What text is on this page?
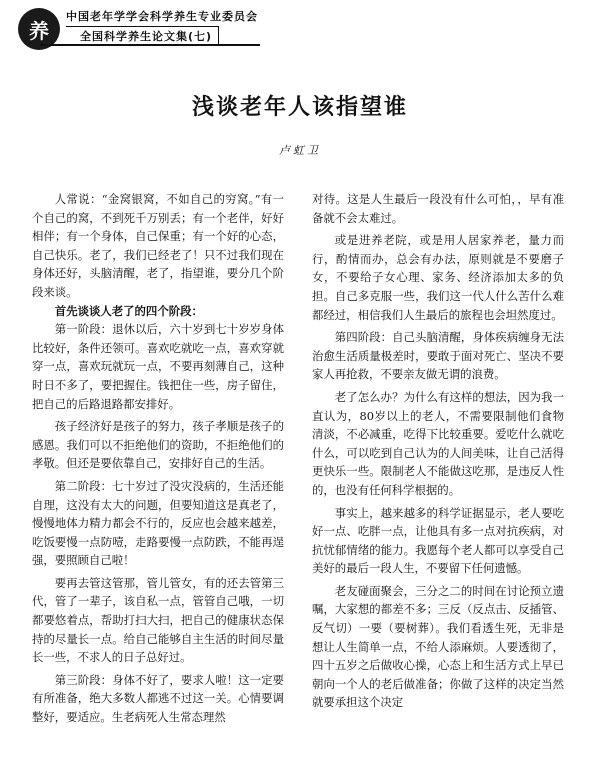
养
中国老年学学会科学养生专业委员会
全国科学养生论文集(七)
浅谈老年人该指望谁
卢虹卫

人常说：“金窝银窝，不如自己的穷窝。”有一个自己的窝，不到死千万别丢；有一个老伴，好好相伴；有一个身体，自己保重；有一个好的心态，自己快乐。老了，我们已经老了！只不过我们现在身体还好，头脑清醒，老了，指望谁，要分几个阶段来谈。

首先谈谈人老了的四个阶段：

第一阶段：退休以后，六十岁到七十岁岁身体比较好，条件还领可。喜欢吃就吃一点，喜欢穿就穿一点，喜欢玩就玩一点，不要再刻薄自己，这种时日不多了，要把握住。钱把住一些，房子留住，把自己的后路退路都安排好。

孩子经济好是孩子的努力，孩子孝顺是孩子的感恩。我们可以不拒绝他们的资助，不拒绝他们的孝敬。但还是要依靠自己，安排好自己的生活。

第二阶段：七十岁过了没灾没病的，生活还能自理，这没有太大的问题，但要知道这是真老了，慢慢地体力精力都会不行的，反应也会越来越差，吃饭要慢一点防噎，走路要慢一点防跌，不能再逞强，要照顾自己啦！

要再去管这管那，管儿管女，有的还去管第三代，管了一辈子，该自私一点，管管自己哦，一切都要悠着点，帮助打扫大扫，把自己的健康状态保持的尽量长一点。给自己能够自主生活的时间尽量长一些，不求人的日子总好过。

第三阶段：身体不好了，要求人啦！这一定要有所准备，绝大多数人都逃不过这一关。心情要调整好，要适应。生老病死人生常态理然

对待。这是人生最后一段没有什么可怕，，早有准备就不会太难过。

或是进养老院，或是用人居家养老，量力而行，酌情而办，总会有办法，原则就是不要磨子女，不要给子女心理、家务、经济添加太多的负担。自己多克服一些，我们这一代人什么苦什么难都经过，相信我们人生最后的旅程也会坦然度过。

第四阶段：自己头脑清醒，身体疾病缠身无法治愈生活质量极差时，要敢于面对死亡、坚决不要家人再抢救，不要亲友做无谓的浪费。

老了怎么办？为什么有这样的想法，因为我一直认为，80岁以上的老人，不需要限制他们食物清淡，不必减重，吃得下比较重要。爱吃什么就吃什么，可以吃到自己认为的人间美味，让自己活得更快乐一些。限制老人不能做这吃那，是违反人性的，也没有任何科学根据的。

事实上，越来越多的科学证据显示，老人要吃好一点、吃胖一点，让他具有多一点对抗疾病，对抗忧郁情绪的能力。我愿每个老人都可以享受自己美好的最后一段人生，不要留下任何遗憾。

老友碰面聚会，三分之二的时间在讨论预立遗嘱，大家想的都差不多；三反（反点击、反插管、反气切）一要（要树葬）。我们看透生死，无非是想让人生简单一点，不给人添麻烦。人要透彻了，四十五岁之后做收心操，心态上和生活方式上早已朝向一个人的老后做准备；你做了这样的决定当然就要承担这个决定
